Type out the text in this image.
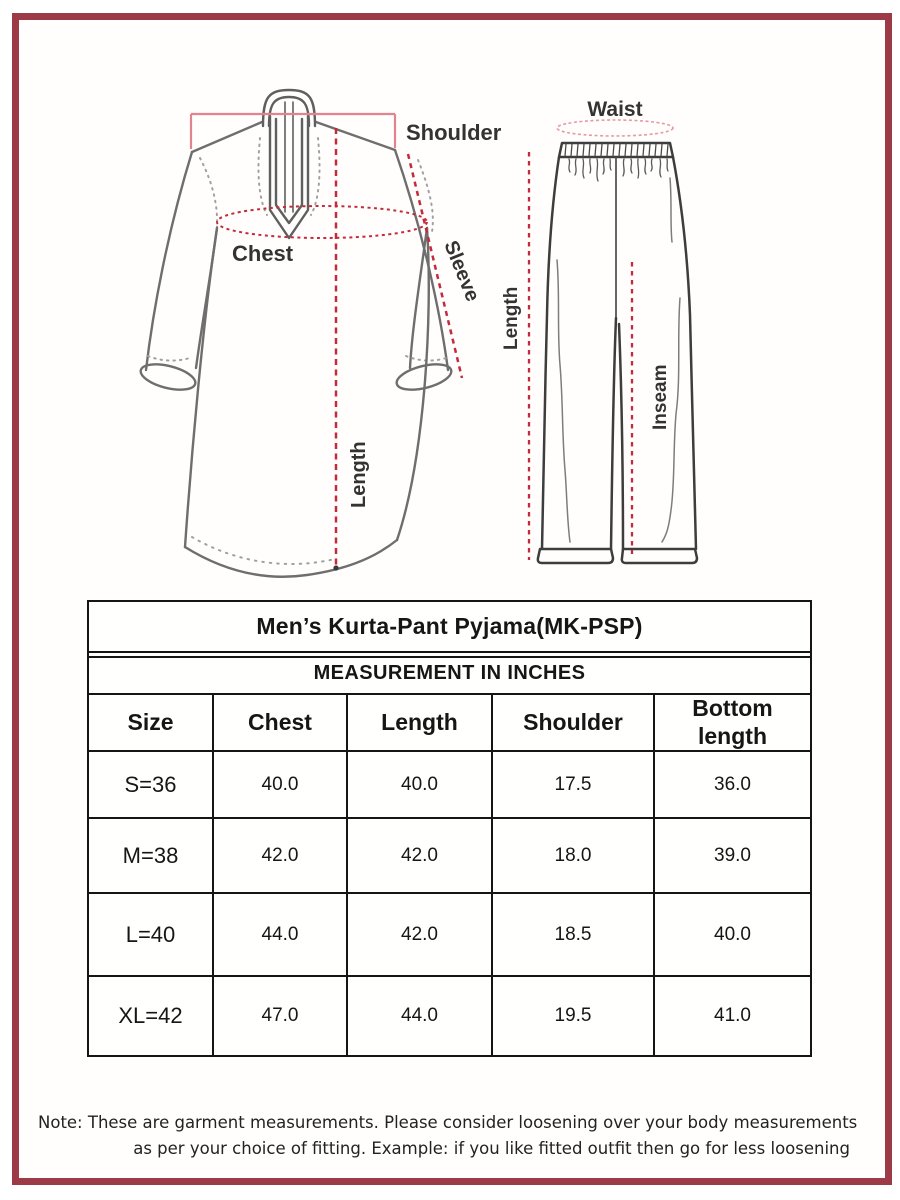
Shoulder
Chest	Sleeve
Length
Waist
Length
Inseam
Men’s Kurta-Pant Pyjama(MK-PSP)				
MEASUREMENT IN INCHES				
Size	Chest	Length	Shoulder	Bottom length
S=36	40.0	40.0	17.5	36.0
M=38	42.0	42.0	18.0	39.0
L=40	44.0	42.0	18.5	40.0
XL=42	47.0	44.0	19.5	41.0
Note: These are garment measurements. Please consider loosening over your body measurements
as per your choice of fitting. Example: if you like fitted outfit then go for less loosening
